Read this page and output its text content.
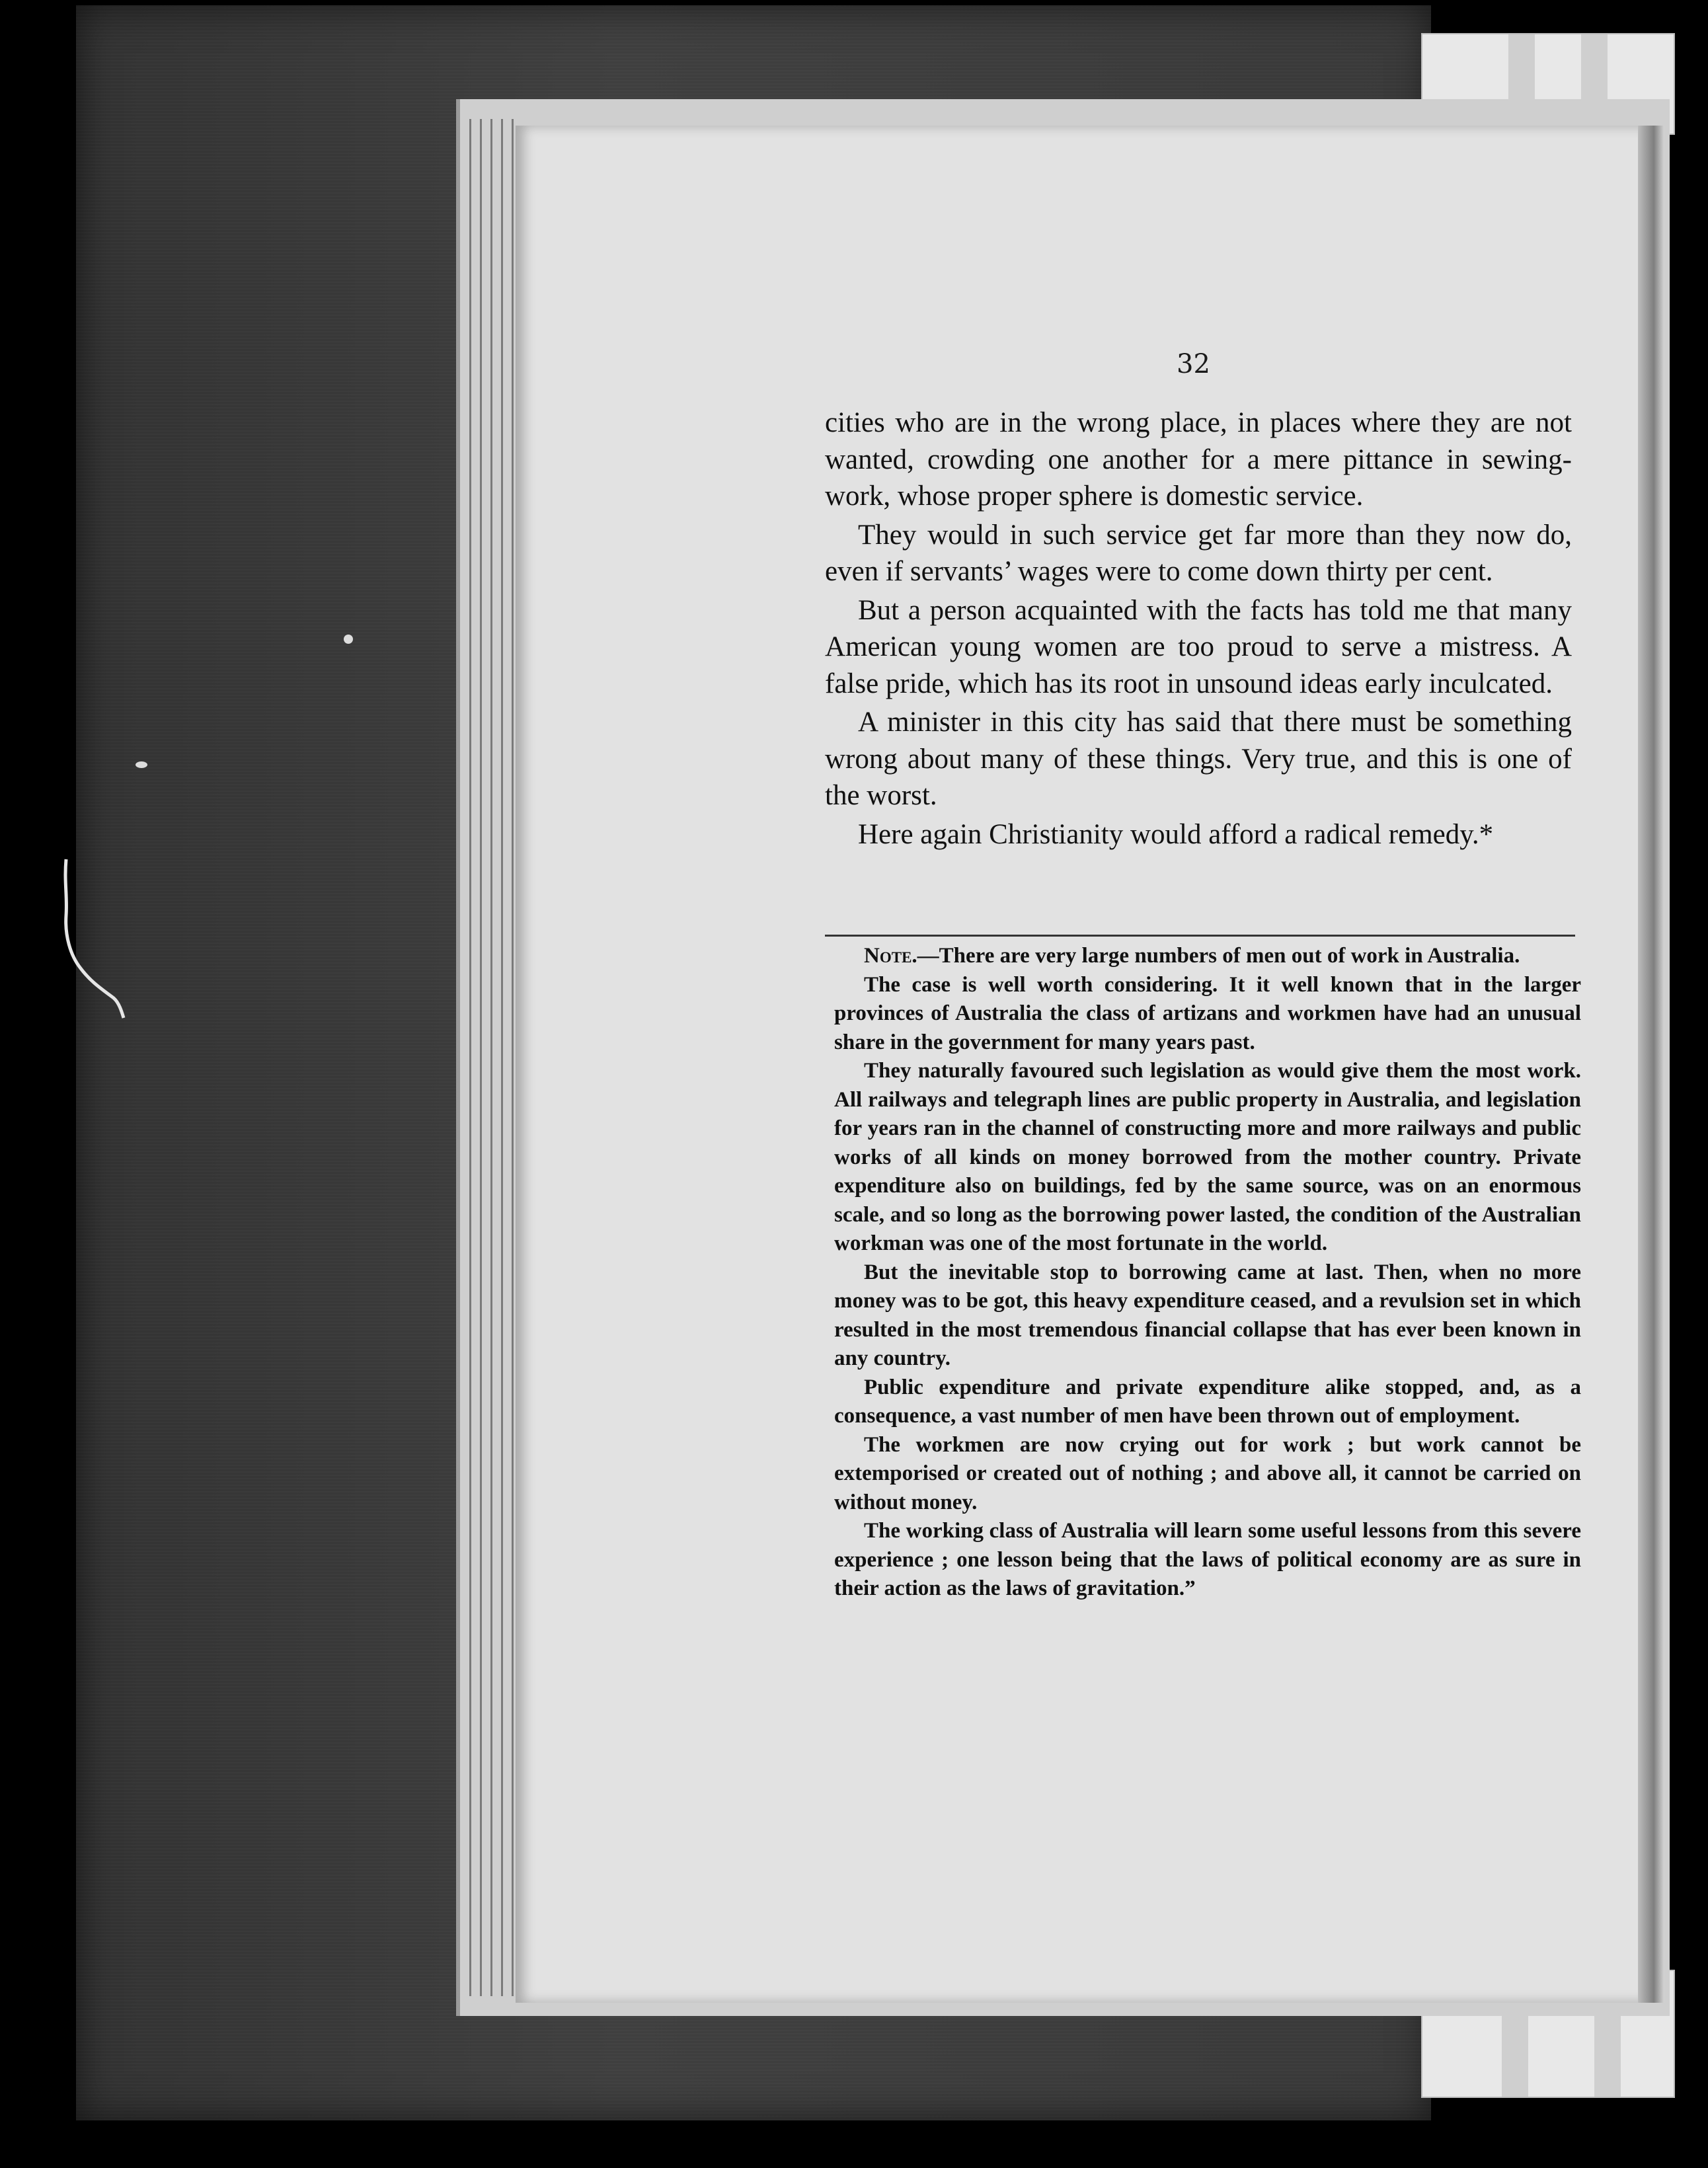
32

cities who are in the wrong place, in places where they are not wanted, crowding one another for a mere pittance in sewing-work, whose proper sphere is domestic service.

They would in such service get far more than they now do, even if servants’ wages were to come down thirty per cent.

But a person acquainted with the facts has told me that many American young women are too proud to serve a mistress. A false pride, which has its root in unsound ideas early inculcated.

A minister in this city has said that there must be something wrong about many of these things. Very true, and this is one of the worst.

Here again Christianity would afford a radical remedy.*

Note.—There are very large numbers of men out of work in Australia.

The case is well worth considering. It it well known that in the larger provinces of Australia the class of artizans and workmen have had an unusual share in the government for many years past.

They naturally favoured such legislation as would give them the most work. All railways and telegraph lines are public property in Australia, and legislation for years ran in the channel of constructing more and more railways and public works of all kinds on money borrowed from the mother country. Private expenditure also on buildings, fed by the same source, was on an enormous scale, and so long as the borrowing power lasted, the condition of the Australian workman was one of the most fortunate in the world.

But the inevitable stop to borrowing came at last. Then, when no more money was to be got, this heavy expenditure ceased, and a revulsion set in which resulted in the most tremendous financial collapse that has ever been known in any country.

Public expenditure and private expenditure alike stopped, and, as a consequence, a vast number of men have been thrown out of employment.

The workmen are now crying out for work ; but work cannot be extemporised or created out of nothing ; and above all, it cannot be carried on without money.

The working class of Australia will learn some useful lessons from this severe experience ; one lesson being that the laws of political economy are as sure in their action as the laws of gravitation.”
